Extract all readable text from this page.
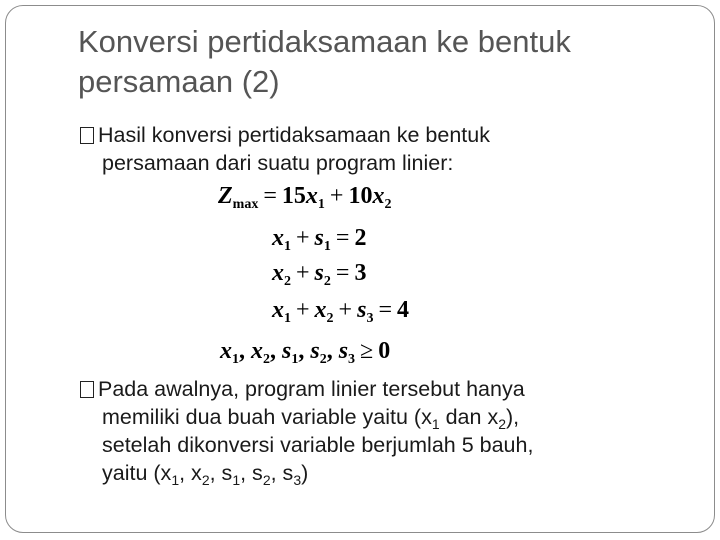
Konversi pertidaksamaan ke bentuk
persamaan (2)
Hasil konversi pertidaksamaan ke bentuk
persamaan dari suatu program linier:
$Z_{max} = 15x_1 + 10x_2$
$x_1 + s_1 = 2$
$x_2 + s_2 = 3$
$x_1 + x_2 + s_3 = 4$
$x_1$, $x_2$, $s_1$, $s_2$, $s_3 \ge 0$
Pada awalnya, program linier tersebut hanya
memiliki dua buah variable yaitu ($x_1$ dan $x_2$),
setelah dikonversi variable berjumlah 5 bauh,
yaitu ($x_1$, $x_2$, $s_1$, $s_2$, $s_3$)
